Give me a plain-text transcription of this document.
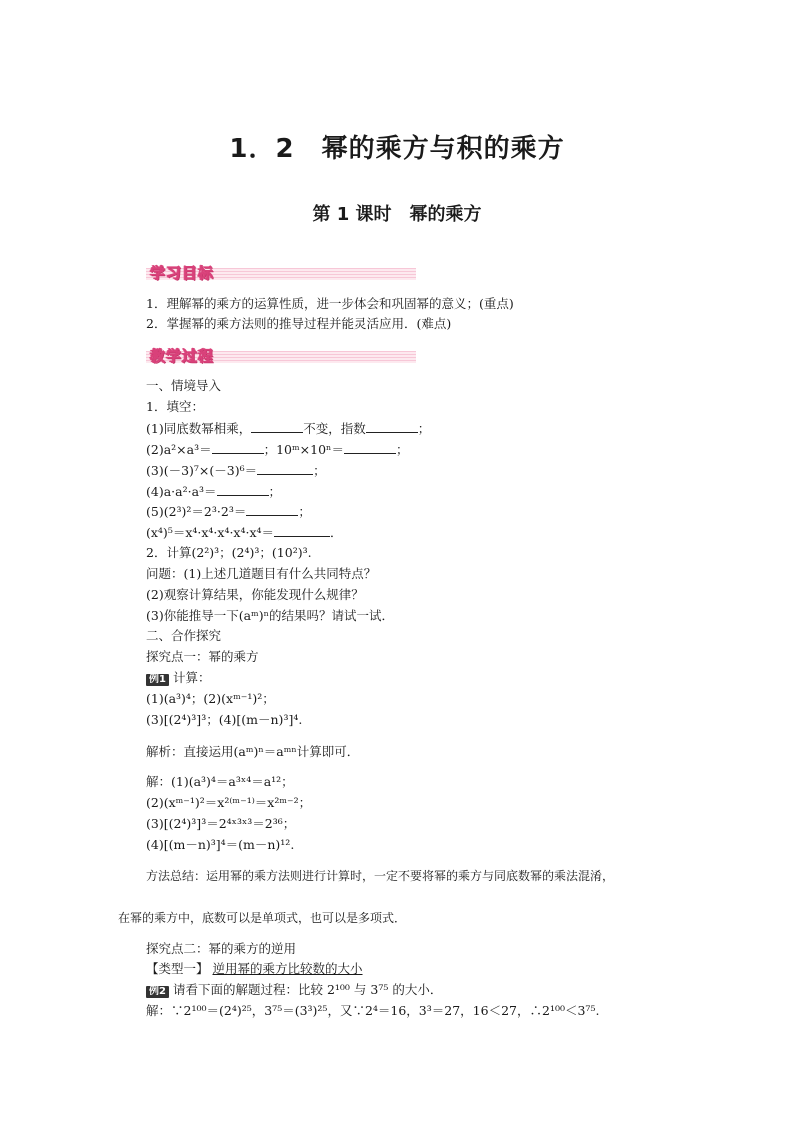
1．2　幂的乘方与积的乘方
第 1 课时　幂的乘方
学习目标
1．理解幂的乘方的运算性质，进一步体会和巩固幂的意义；(重点)
2．掌握幂的乘方法则的推导过程并能灵活应用．(难点)
教学过程
一、情境导入
1．填空：
(1)同底数幂相乘，	不变，指数	；
(2)a²×a³＝	；10ᵐ×10ⁿ＝	；
(3)(－3)⁷×(－3)⁶＝	；
(4)a·a²·a³＝	；
(5)(2³)²＝2³·2³＝	；
(x⁴)⁵＝x⁴·x⁴·x⁴·x⁴·x⁴＝	．
2．计算(2²)³；(2⁴)³；(10²)³.
问题：(1)上述几道题目有什么共同特点？
(2)观察计算结果，你能发现什么规律？
(3)你能推导一下(aᵐ)ⁿ的结果吗？请试一试．
二、合作探究
探究点一：幂的乘方
例1 计算：
(1)(a³)⁴；(2)(xᵐ⁻¹)²；
(3)[(2⁴)³]³；(4)[(m－n)³]⁴.
解析：直接运用(aᵐ)ⁿ＝aᵐⁿ计算即可．
解：(1)(a³)⁴＝a³ˣ⁴＝a¹²；
(2)(xᵐ⁻¹)²＝x²⁽ᵐ⁻¹⁾＝x²ᵐ⁻²；
(3)[(2⁴)³]³＝2⁴ˣ³ˣ³＝2³⁶；
(4)[(m－n)³]⁴＝(m－n)¹².
方法总结：运用幂的乘方法则进行计算时，一定不要将幂的乘方与同底数幂的乘法混淆，
在幂的乘方中，底数可以是单项式，也可以是多项式．
探究点二：幂的乘方的逆用
【类型一】 逆用幂的乘方比较数的大小
例2 请看下面的解题过程：比较 2¹⁰⁰ 与 3⁷⁵ 的大小．
解：∵2¹⁰⁰＝(2⁴)²⁵，3⁷⁵＝(3³)²⁵，又∵2⁴＝16，3³＝27，16＜27，∴2¹⁰⁰＜3⁷⁵.
